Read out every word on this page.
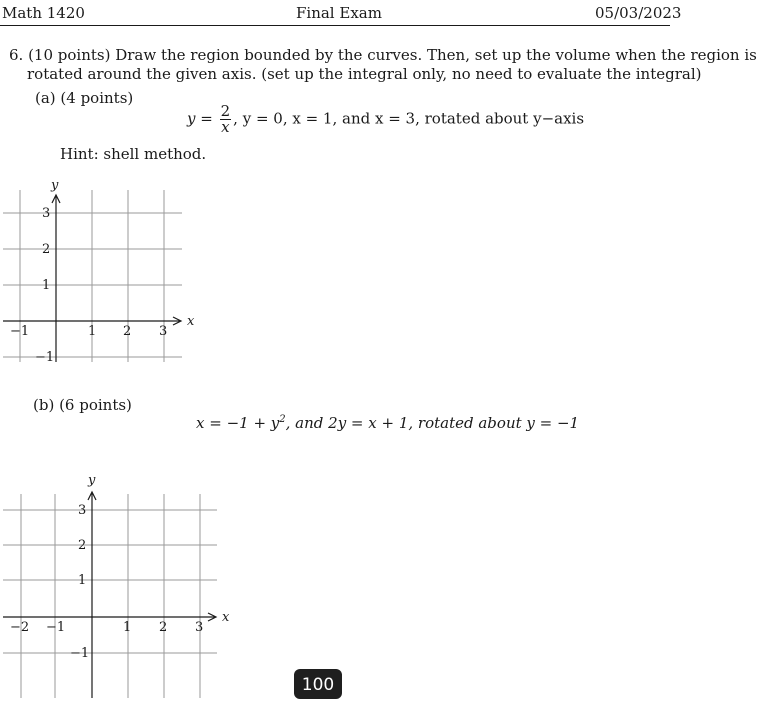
Math 1420	Final Exam	05/03/2023
6. (10 points) Draw the region bounded by the curves. Then, set up the volume when the region is
rotated around the given axis. (set up the integral only, no need to evaluate the integral)
(a) (4 points)
$y = \frac{2}{x}$ , y = 0, x = 1, and x = 3, rotated about y−axis
Hint: shell method.
y
x
−1	1 2 3
3
2
1
−1
(b) (6 points)
$x = -1 + y^2$, and 2y = x + 1, rotated about y = −1
y
x
−2 −1	1 2 3
3
2
1
−1
100
